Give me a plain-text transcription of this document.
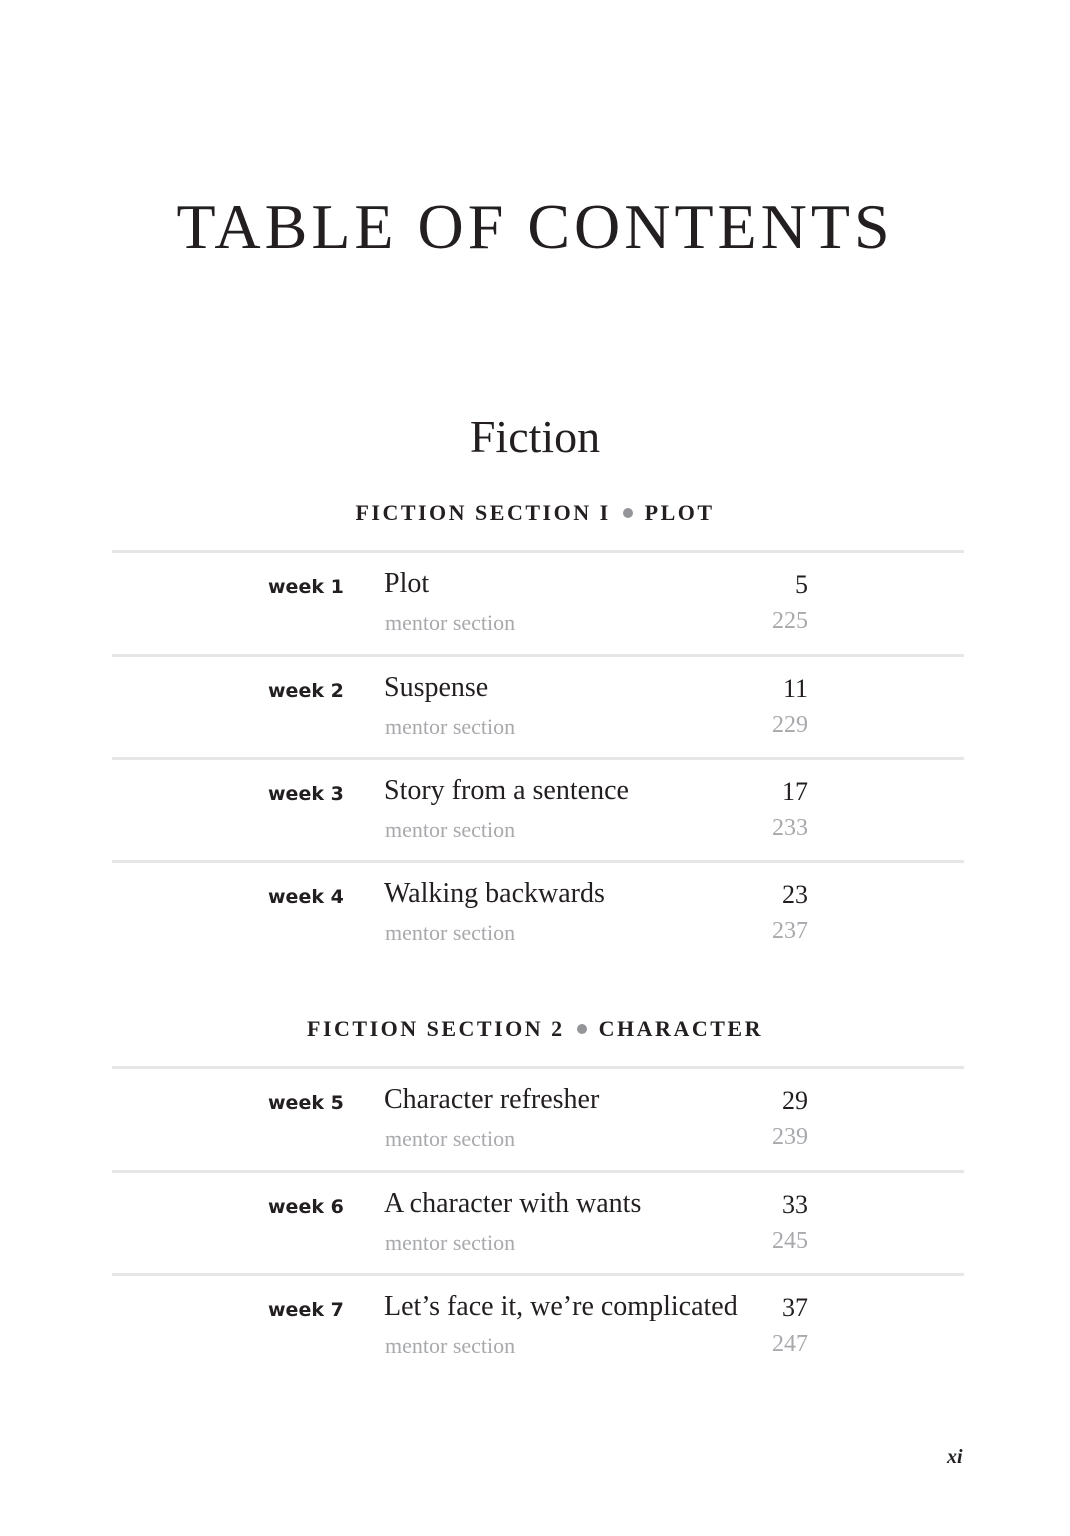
TABLE OF CONTENTS
Fiction
FICTION SECTION I PLOT
week 1 Plot	5
mentor section	225
week 2 Suspense	11
mentor section	229
week 3 Story from a sentence	17
mentor section	233
week 4 Walking backwards	23
mentor section	237
FICTION SECTION 2 CHARACTER
week 5 Character refresher	29
mentor section	239
week 6 A character with wants	33
mentor section	245
week 7 Let’s face it, we’re complicated 37
mentor section	247
xi
